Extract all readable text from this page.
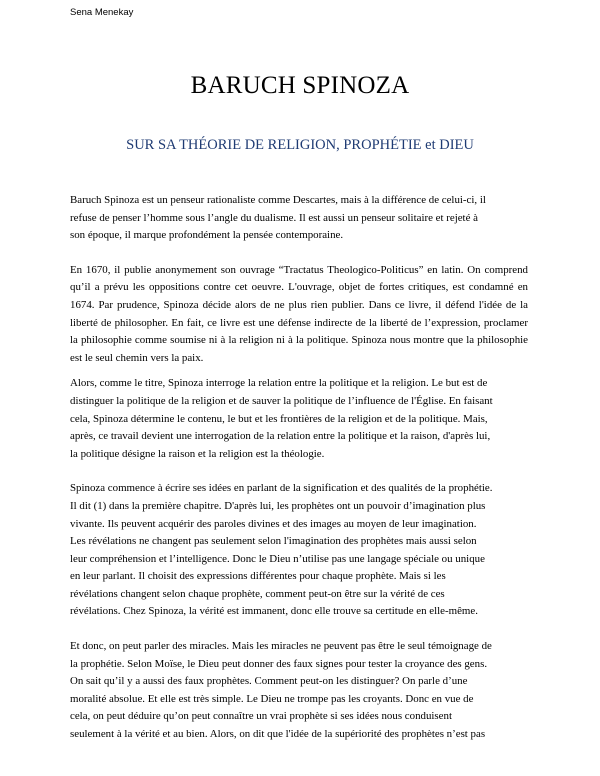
Sena Menekay
BARUCH SPINOZA
SUR SA THÉORIE DE RELIGION, PROPHÉTIE et DIEU

Baruch Spinoza est un penseur rationaliste comme Descartes, mais à la différence de celui-ci, il
refuse de penser l’homme sous l’angle du dualisme. Il est aussi un penseur solitaire et rejeté à
son époque, il marque profondément la pensée contemporaine.

En 1670, il publie anonymement son ouvrage “Tractatus Theologico-Politicus” en latin. On comprend qu’il a prévu les oppositions contre cet oeuvre. L'ouvrage, objet de fortes critiques, est condamné en 1674. Par prudence, Spinoza décide alors de ne plus rien publier. Dans ce livre, il défend l'idée de la liberté de philosopher. En fait, ce livre est une défense indirecte de la liberté de l’expression, proclamer la philosophie comme soumise ni à la religion ni à la politique. Spinoza nous montre que la philosophie est le seul chemin vers la paix.

Alors, comme le titre, Spinoza interroge la relation entre la politique et la religion. Le but est de
distinguer la politique de la religion et de sauver la politique de l’influence de l'Église. En faisant
cela, Spinoza détermine le contenu, le but et les frontières de la religion et de la politique. Mais,
après, ce travail devient une interrogation de la relation entre la politique et la raison, d'après lui,
la politique désigne la raison et la religion est la théologie.

Spinoza commence à écrire ses idées en parlant de la signification et des qualités de la prophétie.
Il dit (1) dans la première chapitre. D'après lui, les prophètes ont un pouvoir d’imagination plus
vivante. Ils peuvent acquérir des paroles divines et des images au moyen de leur imagination.
Les révélations ne changent pas seulement selon l'imagination des prophètes mais aussi selon
leur compréhension et l’intelligence. Donc le Dieu n’utilise pas une langage spéciale ou unique
en leur parlant. Il choisit des expressions différentes pour chaque prophète. Mais si les
révélations changent selon chaque prophète, comment peut-on être sur la vérité de ces
révélations. Chez Spinoza, la vérité est immanent, donc elle trouve sa certitude en elle-même.

Et donc, on peut parler des miracles. Mais les miracles ne peuvent pas être le seul témoignage de
la prophétie. Selon Moïse, le Dieu peut donner des faux signes pour tester la croyance des gens.
On sait qu’il y a aussi des faux prophètes. Comment peut-on les distinguer? On parle d’une
moralité absolue. Et elle est très simple. Le Dieu ne trompe pas les croyants. Donc en vue de
cela, on peut déduire qu’on peut connaître un vrai prophète si ses idées nous conduisent
seulement à la vérité et au bien. Alors, on dit que l'idée de la supériorité des prophètes n’est pas
